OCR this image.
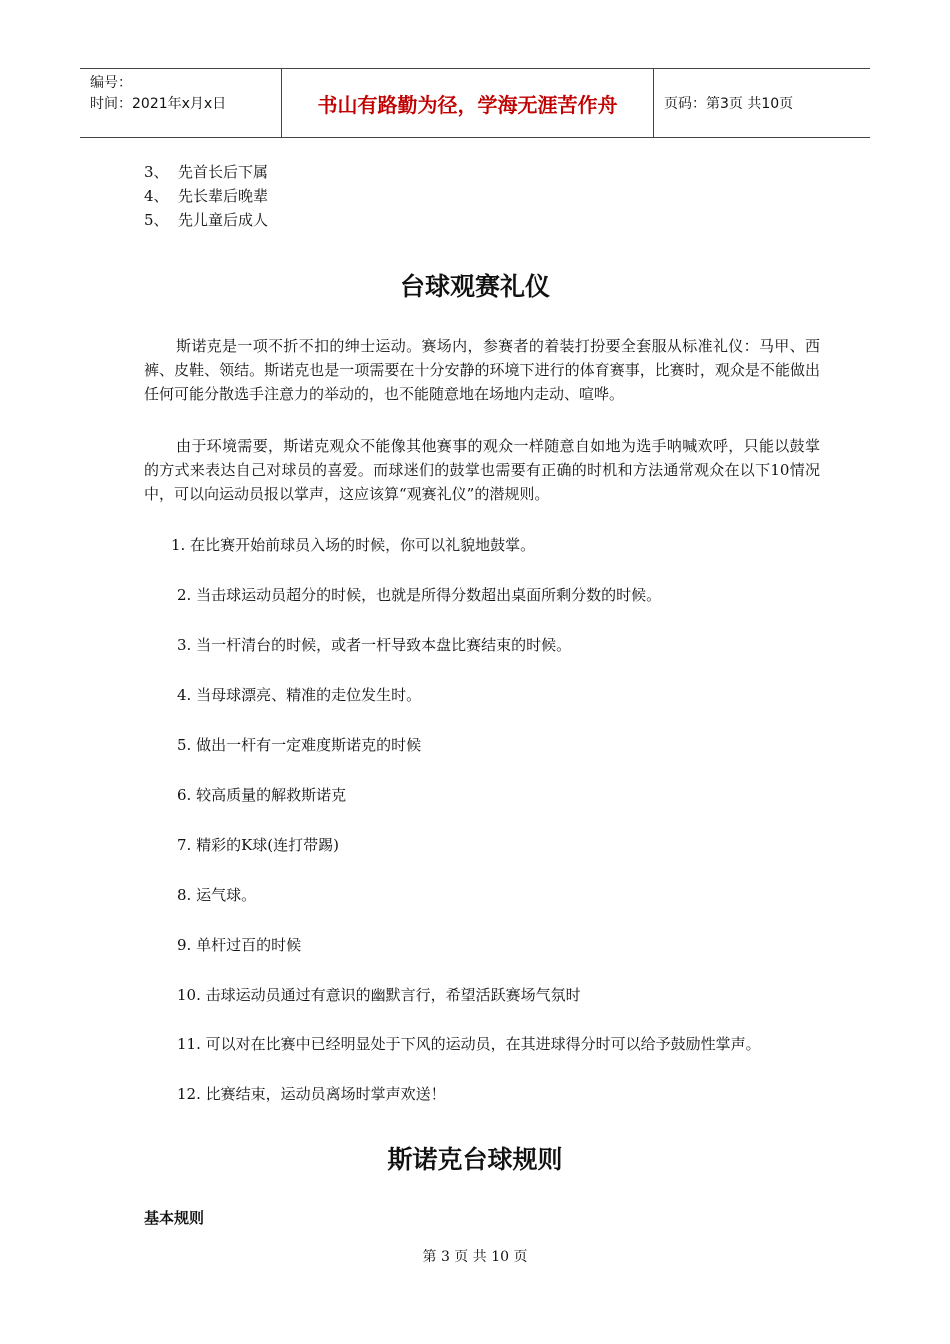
编号：
时间：2021年x月x日	书山有路勤为径，学海无涯苦作舟	页码：第3页 共10页
3、 先首长后下属
4、 先长辈后晚辈
5、 先儿童后成人
台球观赛礼仪
斯诺克是一项不折不扣的绅士运动。赛场内，参赛者的着装打扮要全套服从标准礼仪：马甲、西裤、皮鞋、领结。斯诺克也是一项需要在十分安静的环境下进行的体育赛事，比赛时，观众是不能做出任何可能分散选手注意力的举动的，也不能随意地在场地内走动、喧哗。
由于环境需要，斯诺克观众不能像其他赛事的观众一样随意自如地为选手呐喊欢呼，只能以鼓掌的方式来表达自己对球员的喜爱。而球迷们的鼓掌也需要有正确的时机和方法通常观众在以下10情况中，可以向运动员报以掌声，这应该算“观赛礼仪”的潜规则。
1. 在比赛开始前球员入场的时候，你可以礼貌地鼓掌。
2. 当击球运动员超分的时候，也就是所得分数超出桌面所剩分数的时候。
3. 当一杆清台的时候，或者一杆导致本盘比赛结束的时候。
4. 当母球漂亮、精准的走位发生时。
5. 做出一杆有一定难度斯诺克的时候
6. 较高质量的解救斯诺克
7. 精彩的K球(连打带踢)
8. 运气球。
9. 单杆过百的时候
10. 击球运动员通过有意识的幽默言行，希望活跃赛场气氛时
11. 可以对在比赛中已经明显处于下风的运动员，在其进球得分时可以给予鼓励性掌声。
12. 比赛结束，运动员离场时掌声欢送！
斯诺克台球规则
基本规则
第 3 页 共 10 页
